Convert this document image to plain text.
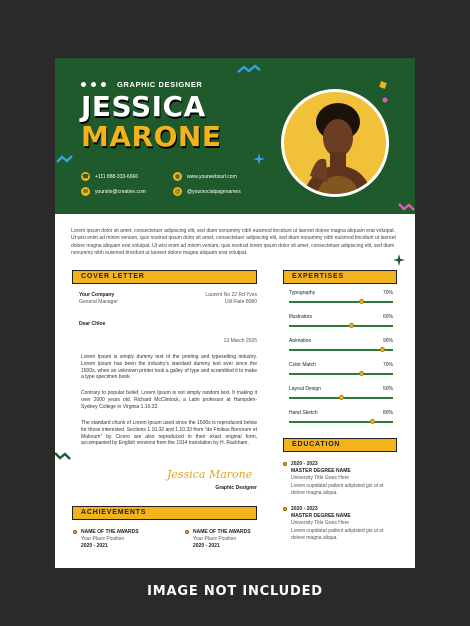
GRAPHIC DESIGNER
JESSICA
MARONE
☎ +111 888-333-6666	◍	www.yourwebsurl.com
✉	yoursite@creative.com	@	@yoursocialpagenames
Lorem ipsum dolor sit amet, consectetuer adipiscing elit, sed diam nonummy nibh euismod tincidunt ut laoreet dolore magna aliquam erat volutpat. Ut wisi enim ad minim veniam, quis nostrud ipsum dolor sit amet, consectetuer adipiscing elit, sed diam nonummy nibh euismod tincidunt ut laoreet dolore magna aliquam erat volutpat. Ut wisi enim ad minim veniam, quis nostrud lorem ipsum dolor sit amet, consectetuer adipiscing elit, sed diam nonummy nibh euismod tincidunt ut laoreet dolore magna aliquam erat volutpat.
COVER LETTER
Your Company
General Manager
Laurent No 22 Rd Yves
Ulil Flate 8080
Dear Chloe
13 March 2025
Lorem Ipsum is simply dummy text of the printing and typesetting industry. Lorem Ipsum has been the industry's standard dummy text ever since the 1500s, when an unknown printer took a galley of type and scrambled it to make a type specimen book.
Contrary to popular belief, Lorem Ipsum is not simply random text. It making it over 2000 years old. Richard McClintock, a Latin professor at Hampden-Sydney College in Virginia 1.10.32.
The standard chunk of Lorem Ipsum used since the 1500s is reproduced below for those interested. Sections 1.10.32 and 1.10.33 from "de Finibus Bonorum et Malorum" by Cicero are also reproduced in their exact original form, accompanied by English versions from the 1914 translation by H. Rackham.
Jessica Marone
Graphic Designer
ACHIEVEMENTS
NAME OF THE AWARDS
Your Place Position
2020 - 2021
NAME OF THE AWARDS
Your Place Position
2020 - 2021
EXPERTISES
EDUCATION
2020 - 2023
MASTER DEGREE NAME
University Title Goes Here
Lorem cupidatat patient adipisted gis ut et dolore magna aliqua.
2020 - 2023
MASTER DEGREE NAME
University Title Goes Here
Lorem cupidatat patient adipisted gis ut et dolore magna aliqua.
Typography	70%
Illustrators	60%
Animation	90%
Color Match	70%
Layout Design	50%
Hand Sketch	80%
IMAGE NOT INCLUDED
